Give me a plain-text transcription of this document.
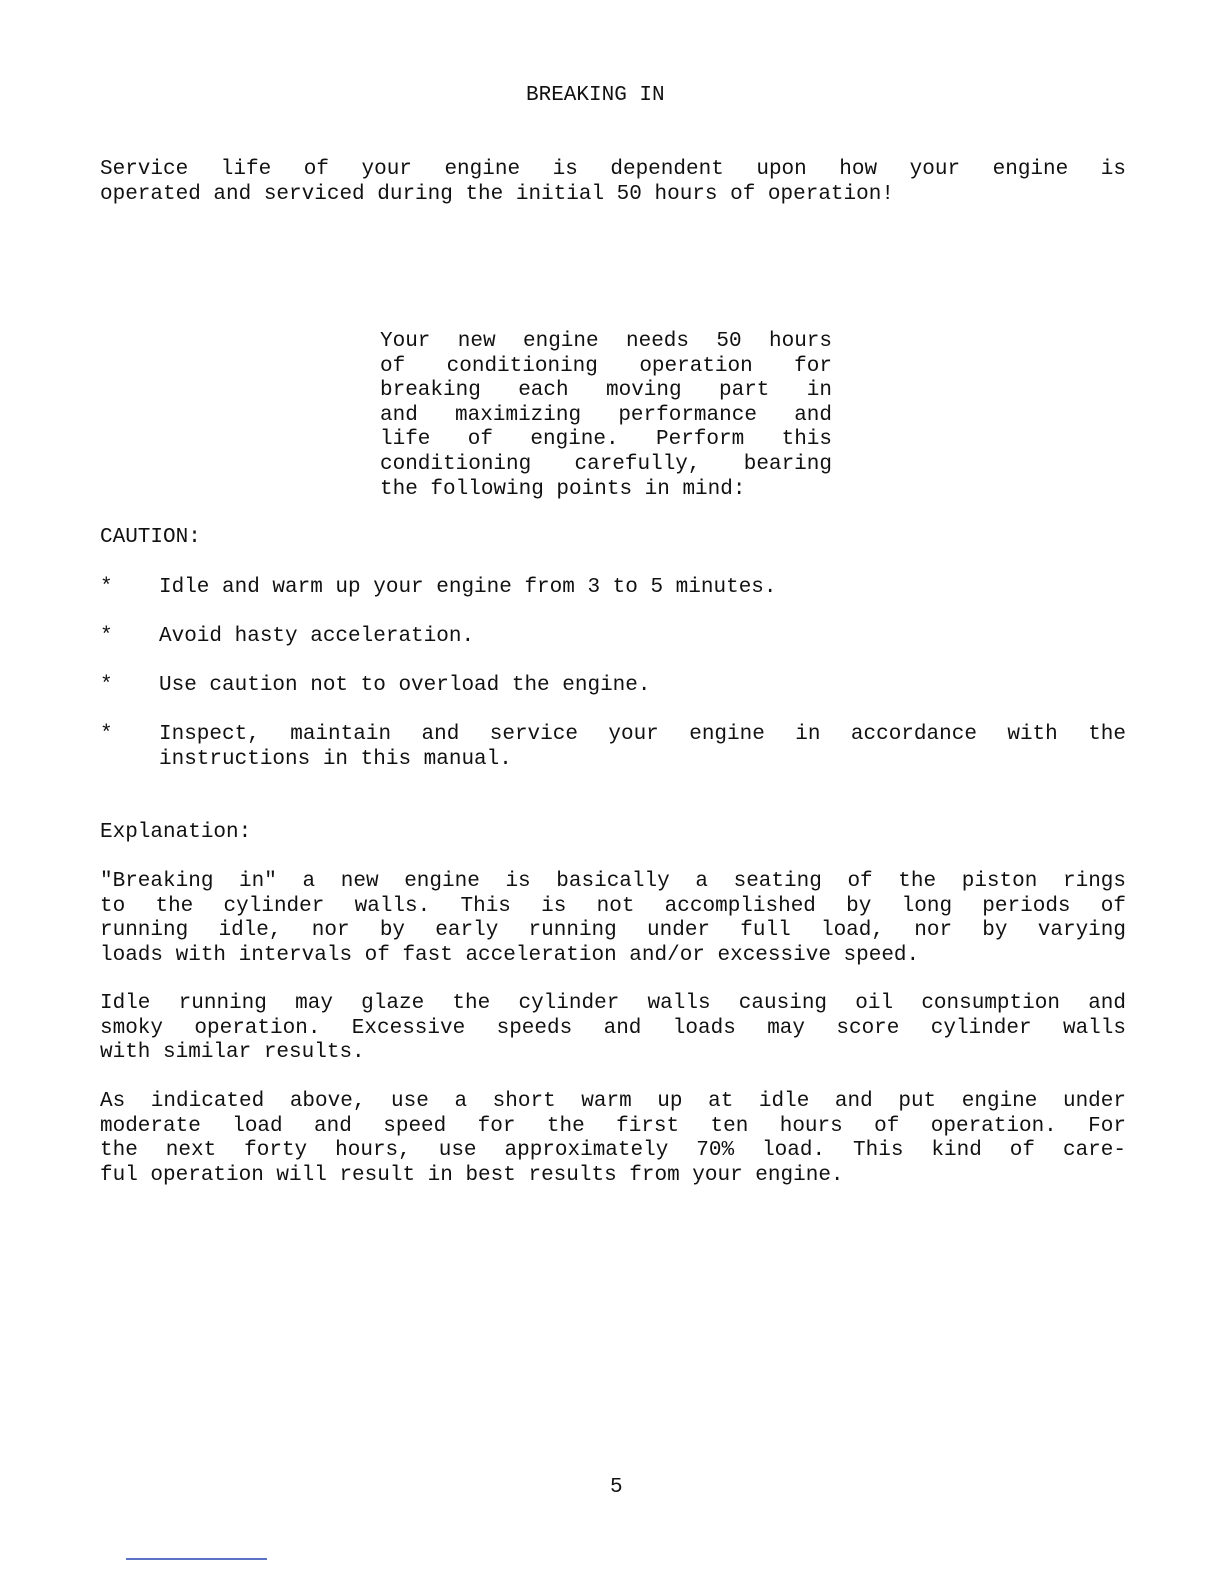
BREAKING IN
Service life of your engine is dependent upon how your engine is
operated and serviced during the initial 50 hours of operation!
Your new engine needs 50 hours
of conditioning operation for
breaking each moving part in
and maximizing performance and
life of engine. Perform this
conditioning carefully, bearing
the following points in mind:
CAUTION:
*	Idle and warm up your engine from 3 to 5 minutes.
*	Avoid hasty acceleration.
*	Use caution not to overload the engine.
*	Inspect, maintain and service your engine in accordance with the
instructions in this manual.
Explanation:
"Breaking in" a new engine is basically a seating of the piston rings
to the cylinder walls. This is not accomplished by long periods of
running idle, nor by early running under full load, nor by varying
loads with intervals of fast acceleration and/or excessive speed.
Idle running may glaze the cylinder walls causing oil consumption and
smoky operation. Excessive speeds and loads may score cylinder walls
with similar results.
As indicated above, use a short warm up at idle and put engine under
moderate load and speed for the first ten hours of operation. For
the next forty hours, use approximately 70% load. This kind of care-
ful operation will result in best results from your engine.
5
